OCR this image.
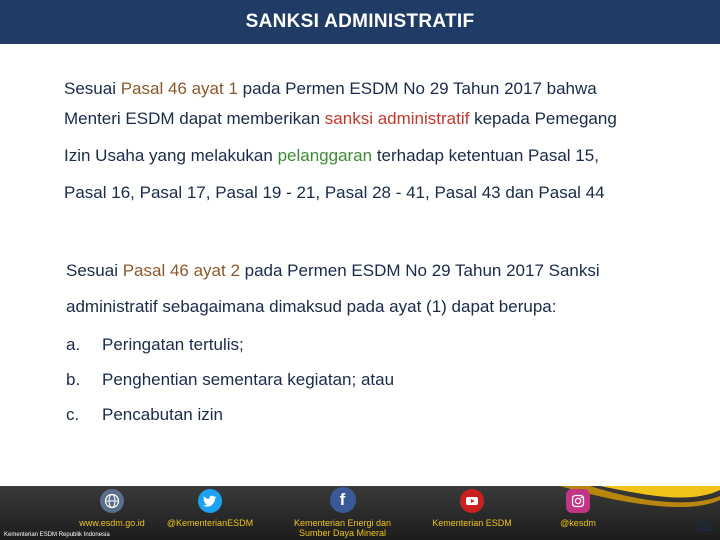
SANKSI ADMINISTRATIF

Sesuai Pasal 46 ayat 1 pada Permen ESDM No 29 Tahun 2017 bahwa

Menteri ESDM dapat memberikan sanksi administratif kepada Pemegang

Izin Usaha yang melakukan pelanggaran terhadap ketentuan Pasal 15,

Pasal 16, Pasal 17, Pasal 19 - 21, Pasal 28 - 41, Pasal 43 dan Pasal 44

Sesuai Pasal 46 ayat 2 pada Permen ESDM No 29 Tahun 2017 Sanksi

administratif sebagaimana dimaksud pada ayat (1) dapat berupa:

a.	Peringatan tertulis;
b.	Penghentian sementara kegiatan; atau
c.	Pencabutan izin
www.esdm.go.id @KementerianESDM
f
Kementerian Energi dan Sumber Daya Mineral
Kementerian ESDM	@kesdm
Kementerian ESDM Republik Indonesia
12
